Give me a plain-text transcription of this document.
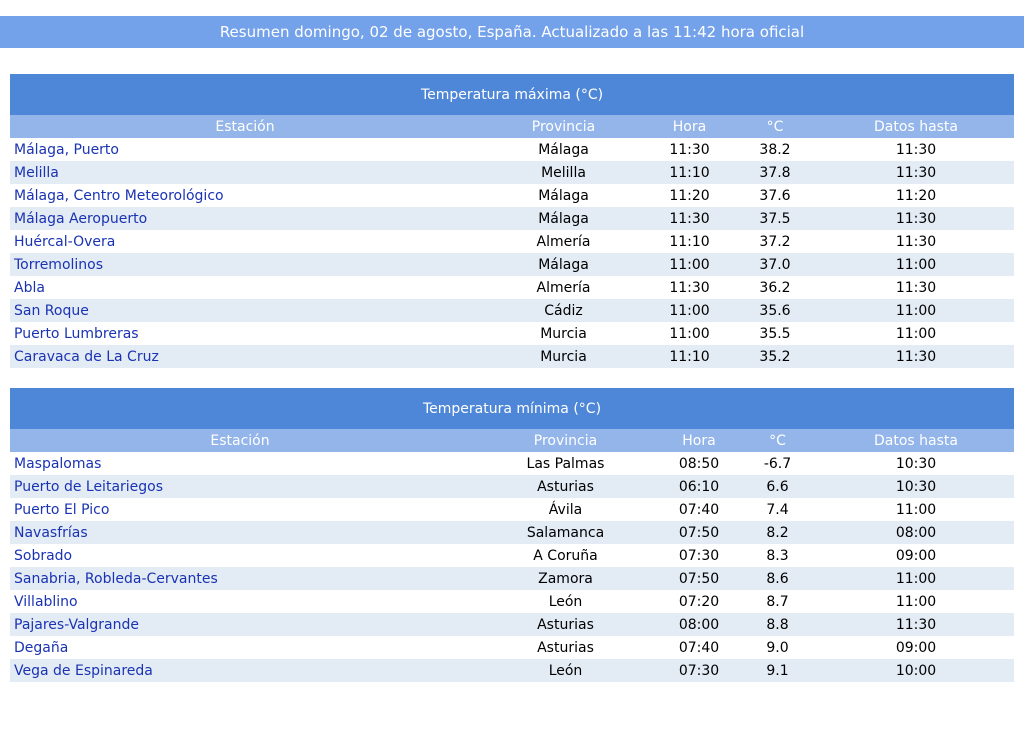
Resumen domingo, 02 de agosto, España. Actualizado a las 11:42 hora oficial
Temperatura máxima (°C)				
Estación	Provincia	Hora	°C	Datos hasta
Málaga, Puerto	Málaga	11:30	38.2	11:30
Melilla	Melilla	11:10	37.8	11:30
Málaga, Centro Meteorológico	Málaga	11:20	37.6	11:20
Málaga Aeropuerto	Málaga	11:30	37.5	11:30
Huércal-Overa	Almería	11:10	37.2	11:30
Torremolinos	Málaga	11:00	37.0	11:00
Abla	Almería	11:30	36.2	11:30
San Roque	Cádiz	11:00	35.6	11:00
Puerto Lumbreras	Murcia	11:00	35.5	11:00
Caravaca de La Cruz	Murcia	11:10	35.2	11:30
Temperatura mínima (°C)				
Estación	Provincia	Hora	°C	Datos hasta
Maspalomas	Las Palmas	08:50	-6.7	10:30
Puerto de Leitariegos	Asturias	06:10	6.6	10:30
Puerto El Pico	Ávila	07:40	7.4	11:00
Navasfrías	Salamanca	07:50	8.2	08:00
Sobrado	A Coruña	07:30	8.3	09:00
Sanabria, Robleda-Cervantes	Zamora	07:50	8.6	11:00
Villablino	León	07:20	8.7	11:00
Pajares-Valgrande	Asturias	08:00	8.8	11:30
Degaña	Asturias	07:40	9.0	09:00
Vega de Espinareda	León	07:30	9.1	10:00
